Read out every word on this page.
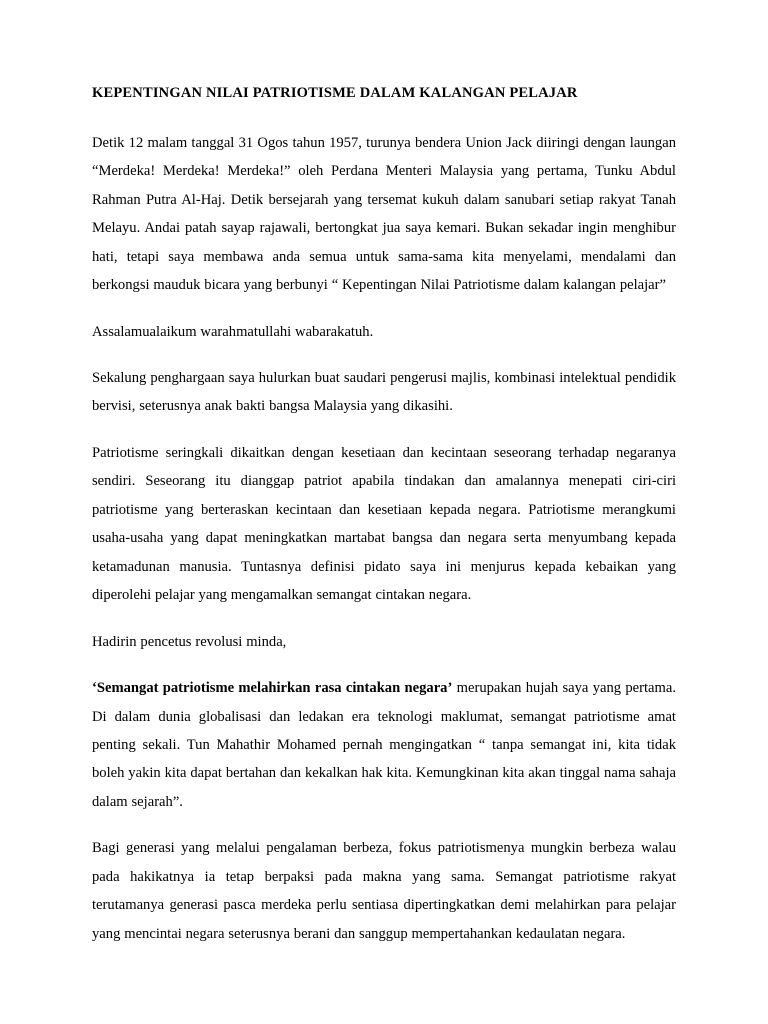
KEPENTINGAN NILAI PATRIOTISME DALAM KALANGAN PELAJAR

Detik 12 malam tanggal 31 Ogos tahun 1957, turunya bendera Union Jack diiringi dengan laungan “Merdeka! Merdeka! Merdeka!” oleh Perdana Menteri Malaysia yang pertama, Tunku Abdul Rahman Putra Al-Haj. Detik bersejarah yang tersemat kukuh dalam sanubari setiap rakyat Tanah Melayu. Andai patah sayap rajawali, bertongkat jua saya kemari. Bukan sekadar ingin menghibur hati, tetapi saya membawa anda semua untuk sama-sama kita menyelami, mendalami dan berkongsi mauduk bicara yang berbunyi “ Kepentingan Nilai Patriotisme dalam kalangan pelajar”

Assalamualaikum warahmatullahi wabarakatuh.

Sekalung penghargaan saya hulurkan buat saudari pengerusi majlis, kombinasi intelektual pendidik bervisi, seterusnya anak bakti bangsa Malaysia yang dikasihi.

Patriotisme seringkali dikaitkan dengan kesetiaan dan kecintaan seseorang terhadap negaranya sendiri. Seseorang itu dianggap patriot apabila tindakan dan amalannya menepati ciri-ciri patriotisme yang berteraskan kecintaan dan kesetiaan kepada negara. Patriotisme merangkumi usaha-usaha yang dapat meningkatkan martabat bangsa dan negara serta menyumbang kepada ketamadunan manusia. Tuntasnya definisi pidato saya ini menjurus kepada kebaikan yang diperolehi pelajar yang mengamalkan semangat cintakan negara.

Hadirin pencetus revolusi minda,

‘Semangat patriotisme melahirkan rasa cintakan negara’ merupakan hujah saya yang pertama. Di dalam dunia globalisasi dan ledakan era teknologi maklumat, semangat patriotisme amat penting sekali. Tun Mahathir Mohamed pernah mengingatkan “ tanpa semangat ini, kita tidak boleh yakin kita dapat bertahan dan kekalkan hak kita. Kemungkinan kita akan tinggal nama sahaja dalam sejarah”.

Bagi generasi yang melalui pengalaman berbeza, fokus patriotismenya mungkin berbeza walau pada hakikatnya ia tetap berpaksi pada makna yang sama. Semangat patriotisme rakyat terutamanya generasi pasca merdeka perlu sentiasa dipertingkatkan demi melahirkan para pelajar yang mencintai negara seterusnya berani dan sanggup mempertahankan kedaulatan negara.
